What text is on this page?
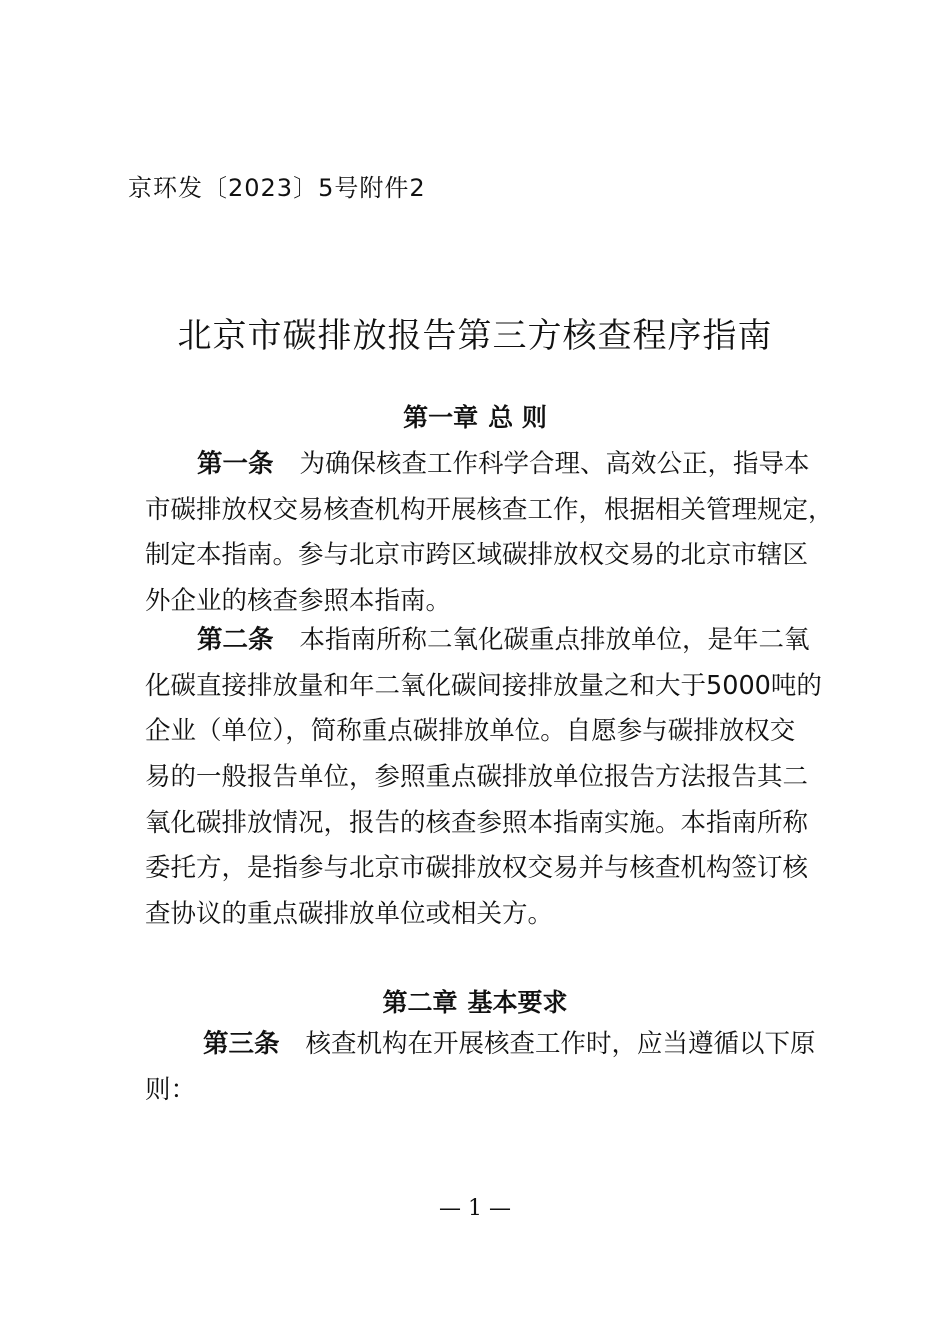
京环发〔2023〕5号附件2
北京市碳排放报告第三方核查程序指南
第一章 总 则
第一条 为确保核查工作科学合理、高效公正，指导本
市碳排放权交易核查机构开展核查工作，根据相关管理规定，
制定本指南。参与北京市跨区域碳排放权交易的北京市辖区
外企业的核查参照本指南。
第二条 本指南所称二氧化碳重点排放单位，是年二氧
化碳直接排放量和年二氧化碳间接排放量之和大于5000吨的
企业（单位），简称重点碳排放单位。自愿参与碳排放权交
易的一般报告单位，参照重点碳排放单位报告方法报告其二
氧化碳排放情况，报告的核查参照本指南实施。本指南所称
委托方，是指参与北京市碳排放权交易并与核查机构签订核
查协议的重点碳排放单位或相关方。
第二章 基本要求
第三条 核查机构在开展核查工作时，应当遵循以下原
则：
— 1 —
